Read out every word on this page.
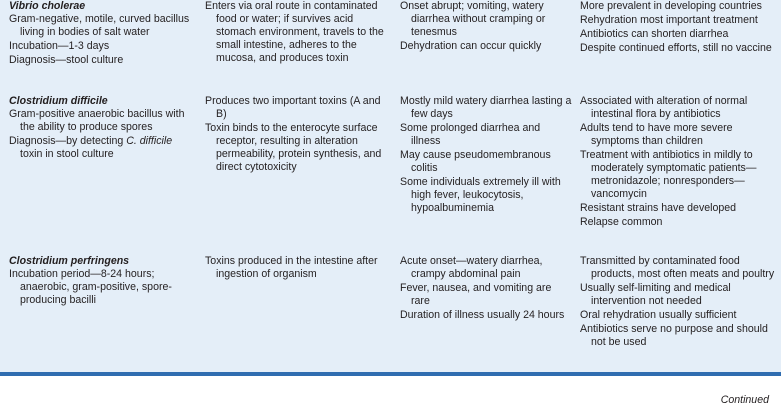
Vibrio cholerae

Gram-negative, motile, curved bacillus living in bodies of salt water

Incubation—1-3 days

Diagnosis—stool culture

Enters via oral route in contaminated food or water; if survives acid stomach environment, travels to the small intestine, adheres to the mucosa, and produces toxin

Onset abrupt; vomiting, watery diarrhea without cramping or tenesmus

Dehydration can occur quickly

More prevalent in developing countries

Rehydration most important treatment

Antibiotics can shorten diarrhea

Despite continued efforts, still no vaccine

Clostridium difficile

Gram-positive anaerobic bacillus with the ability to produce spores

Diagnosis—by detecting C. difficile toxin in stool culture

Produces two important toxins (A and B)

Toxin binds to the enterocyte surface receptor, resulting in alteration permeability, protein synthesis, and direct cytotoxicity

Mostly mild watery diarrhea lasting a few days

Some prolonged diarrhea and illness

May cause pseudomembranous colitis

Some individuals extremely ill with high fever, leukocytosis, hypoalbuminemia

Associated with alteration of normal intestinal flora by antibiotics

Adults tend to have more severe symptoms than children

Treatment with antibiotics in mildly to moderately symptomatic patients—metronidazole; nonresponders—vancomycin

Resistant strains have developed

Relapse common

Clostridium perfringens

Incubation period—8-24 hours; anaerobic, gram-positive, spore-producing bacilli

Toxins produced in the intestine after ingestion of organism

Acute onset—watery diarrhea, crampy abdominal pain

Fever, nausea, and vomiting are rare

Duration of illness usually 24 hours

Transmitted by contaminated food products, most often meats and poultry

Usually self-limiting and medical intervention not needed

Oral rehydration usually sufficient

Antibiotics serve no purpose and should not be used

Continued
